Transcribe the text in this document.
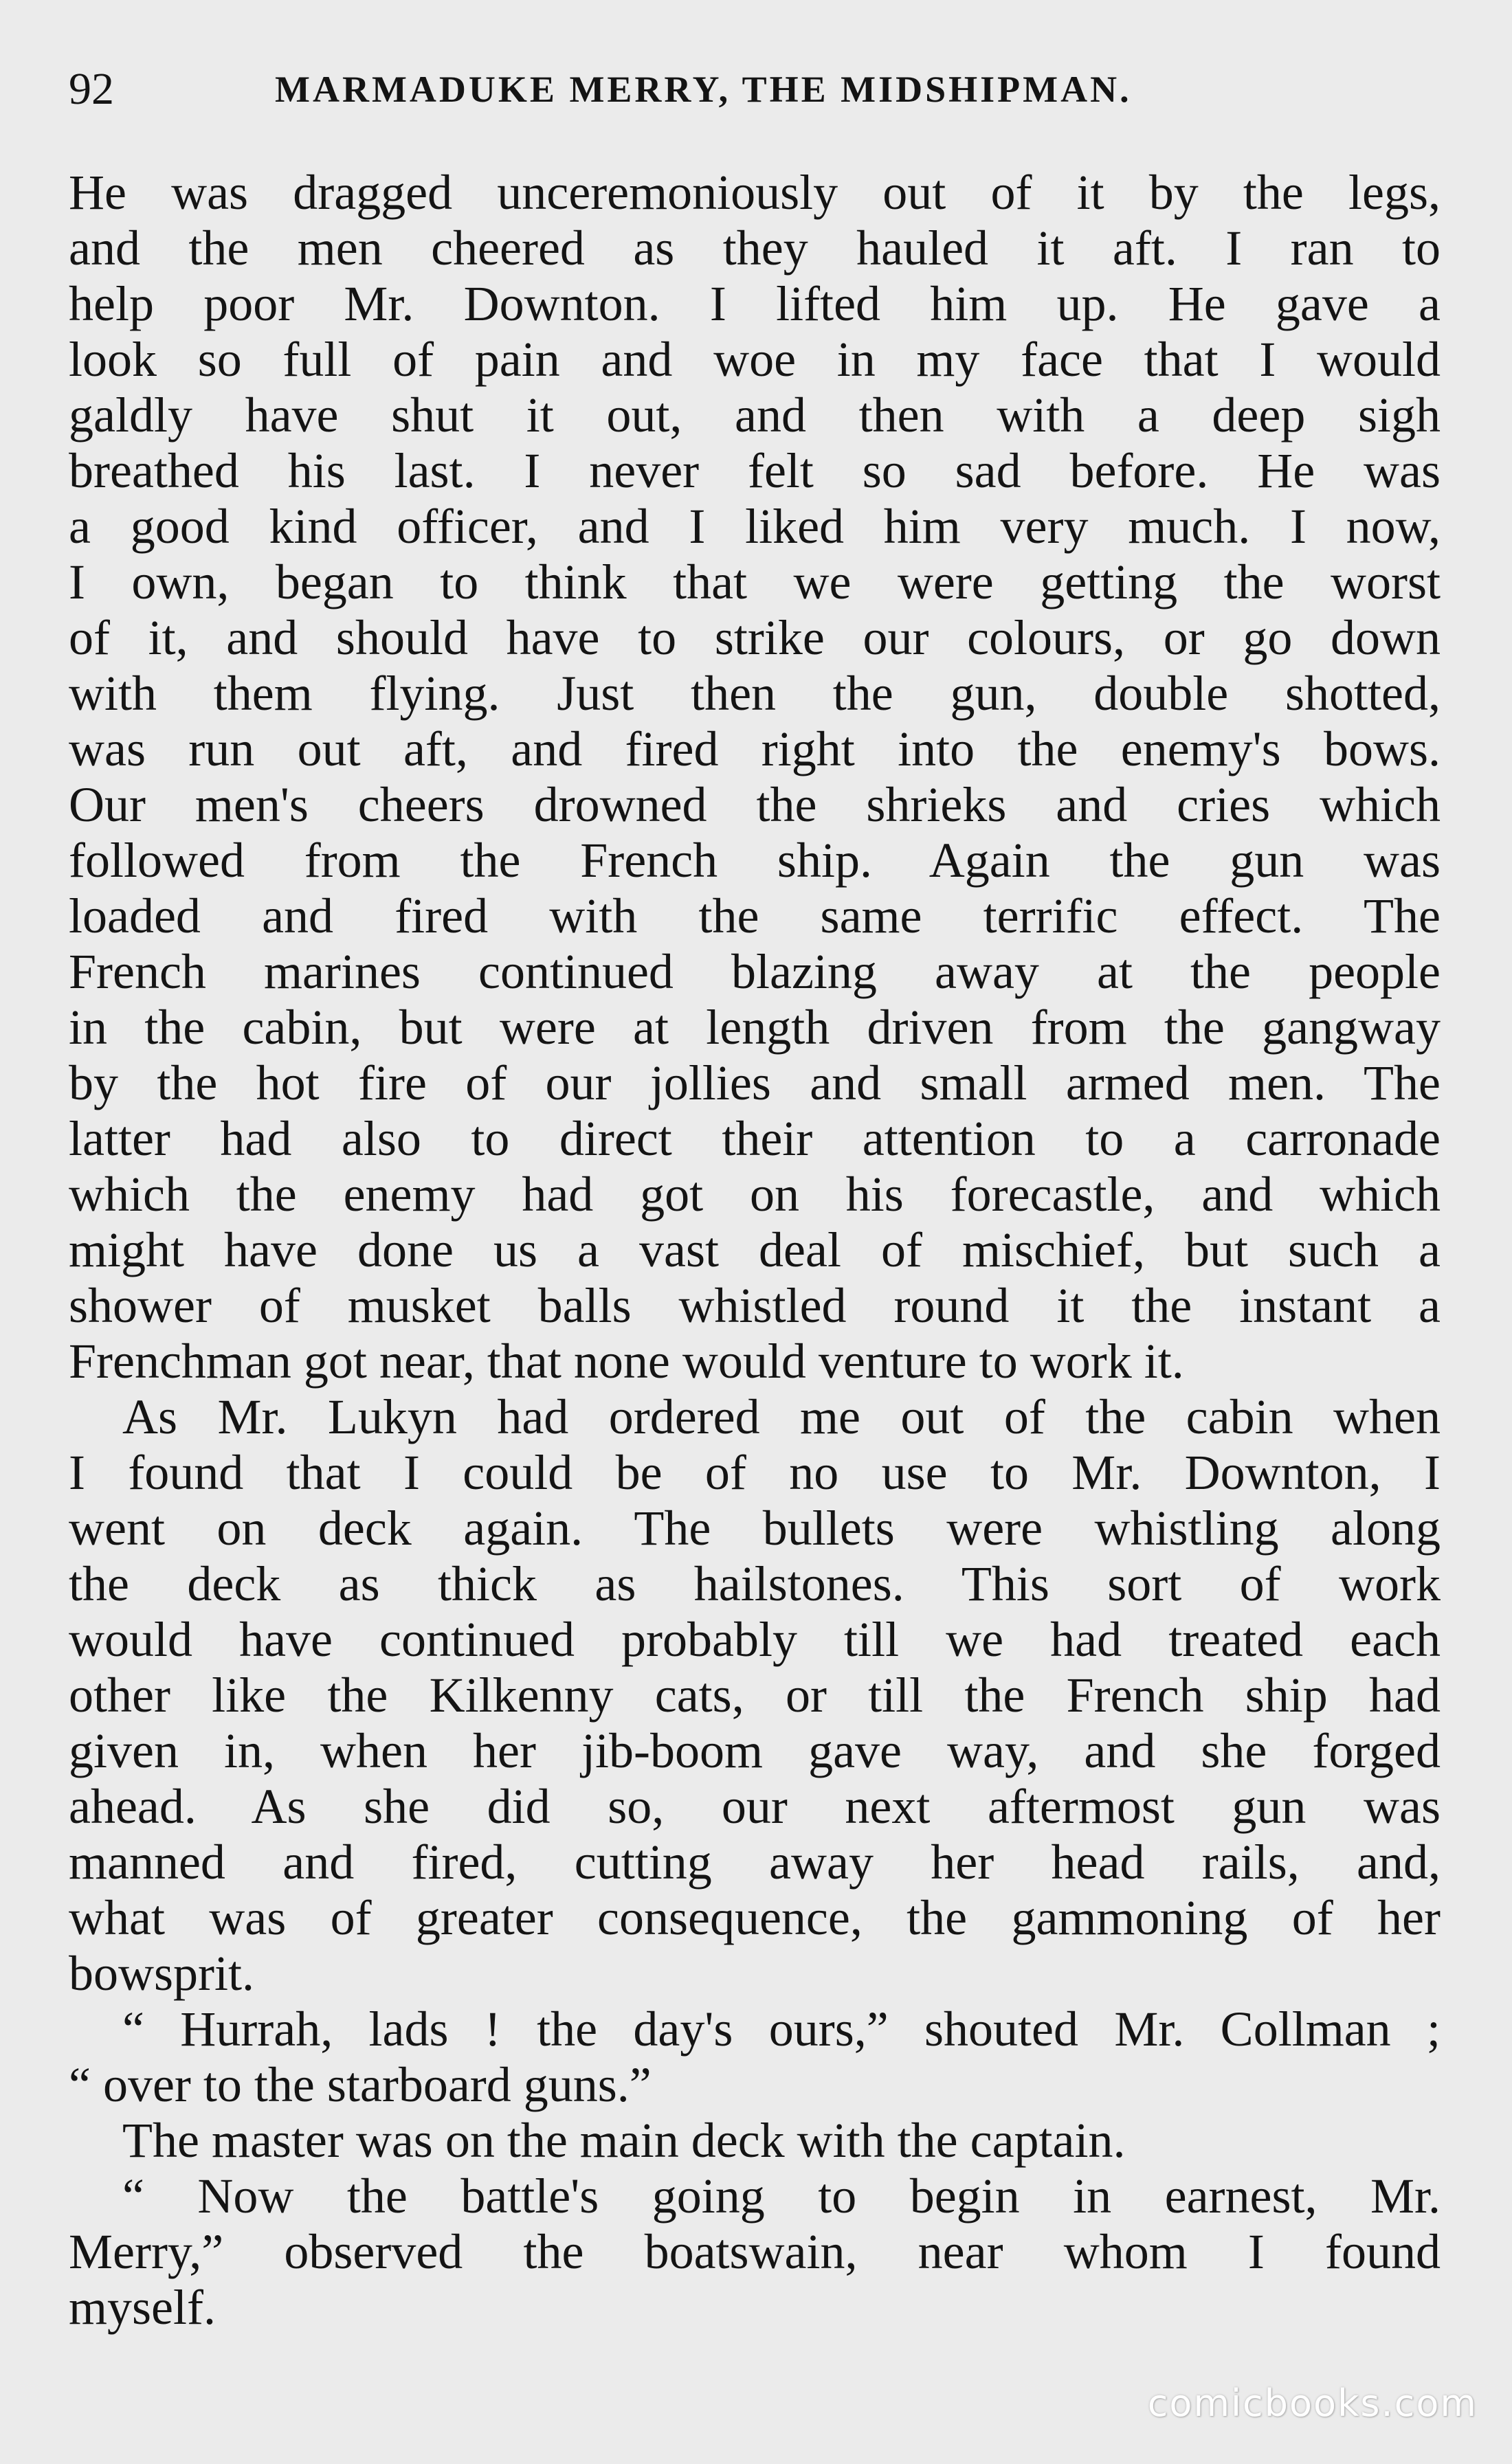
92	MARMADUKE MERRY, THE MIDSHIPMAN.
He was dragged unceremoniously out of it by the legs,
and the men cheered as they hauled it aft. I ran to
help poor Mr. Downton. I lifted him up. He gave a
look so full of pain and woe in my face that I would
galdly have shut it out, and then with a deep sigh
breathed his last. I never felt so sad before. He was
a good kind officer, and I liked him very much. I now,
I own, began to think that we were getting the worst
of it, and should have to strike our colours, or go down
with them flying. Just then the gun, double shotted,
was run out aft, and fired right into the enemy's bows.
Our men's cheers drowned the shrieks and cries which
followed from the French ship. Again the gun was
loaded and fired with the same terrific effect. The
French marines continued blazing away at the people
in the cabin, but were at length driven from the gangway
by the hot fire of our jollies and small armed men. The
latter had also to direct their attention to a carronade
which the enemy had got on his forecastle, and which
might have done us a vast deal of mischief, but such a
shower of musket balls whistled round it the instant a
Frenchman got near, that none would venture to work it.
As Mr. Lukyn had ordered me out of the cabin when
I found that I could be of no use to Mr. Downton, I
went on deck again. The bullets were whistling along
the deck as thick as hailstones. This sort of work
would have continued probably till we had treated each
other like the Kilkenny cats, or till the French ship had
given in, when her jib-boom gave way, and she forged
ahead. As she did so, our next aftermost gun was
manned and fired, cutting away her head rails, and,
what was of greater consequence, the gammoning of her
bowsprit.
“ Hurrah, lads ! the day's ours,” shouted Mr. Collman ;
“ over to the starboard guns.”
The master was on the main deck with the captain.
“ Now the battle's going to begin in earnest, Mr.
Merry,” observed the boatswain, near whom I found
myself.
comicbooks.com
